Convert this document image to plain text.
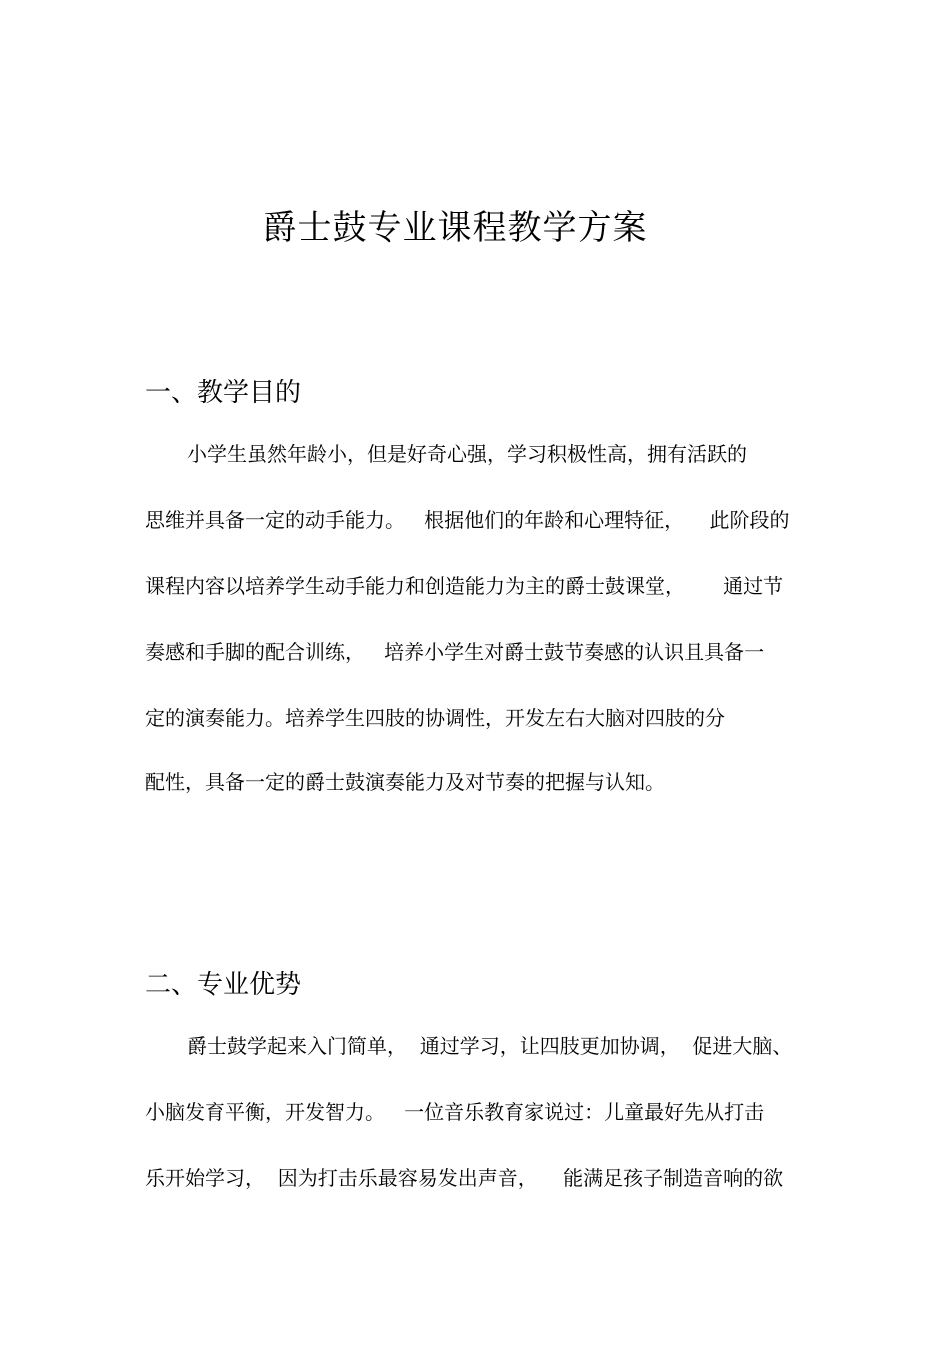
爵士鼓专业课程教学方案
一、教学目的
小学生虽然年龄小，但是好奇心强，学习积极性高，拥有活跃的
思维并具备一定的动手能力。   根据他们的年龄和心理特征，    此阶段的
课程内容以培养学生动手能力和创造能力为主的爵士鼓课堂，      通过节
奏感和手脚的配合训练，   培养小学生对爵士鼓节奏感的认识且具备一
定的演奏能力。培养学生四肢的协调性，开发左右大脑对四肢的分
配性，具备一定的爵士鼓演奏能力及对节奏的把握与认知。
二、专业优势
爵士鼓学起来入门简单，  通过学习，让四肢更加协调，  促进大脑、
小脑发育平衡，开发智力。   一位音乐教育家说过：儿童最好先从打击
乐开始学习，  因为打击乐最容易发出声音，    能满足孩子制造音响的欲
